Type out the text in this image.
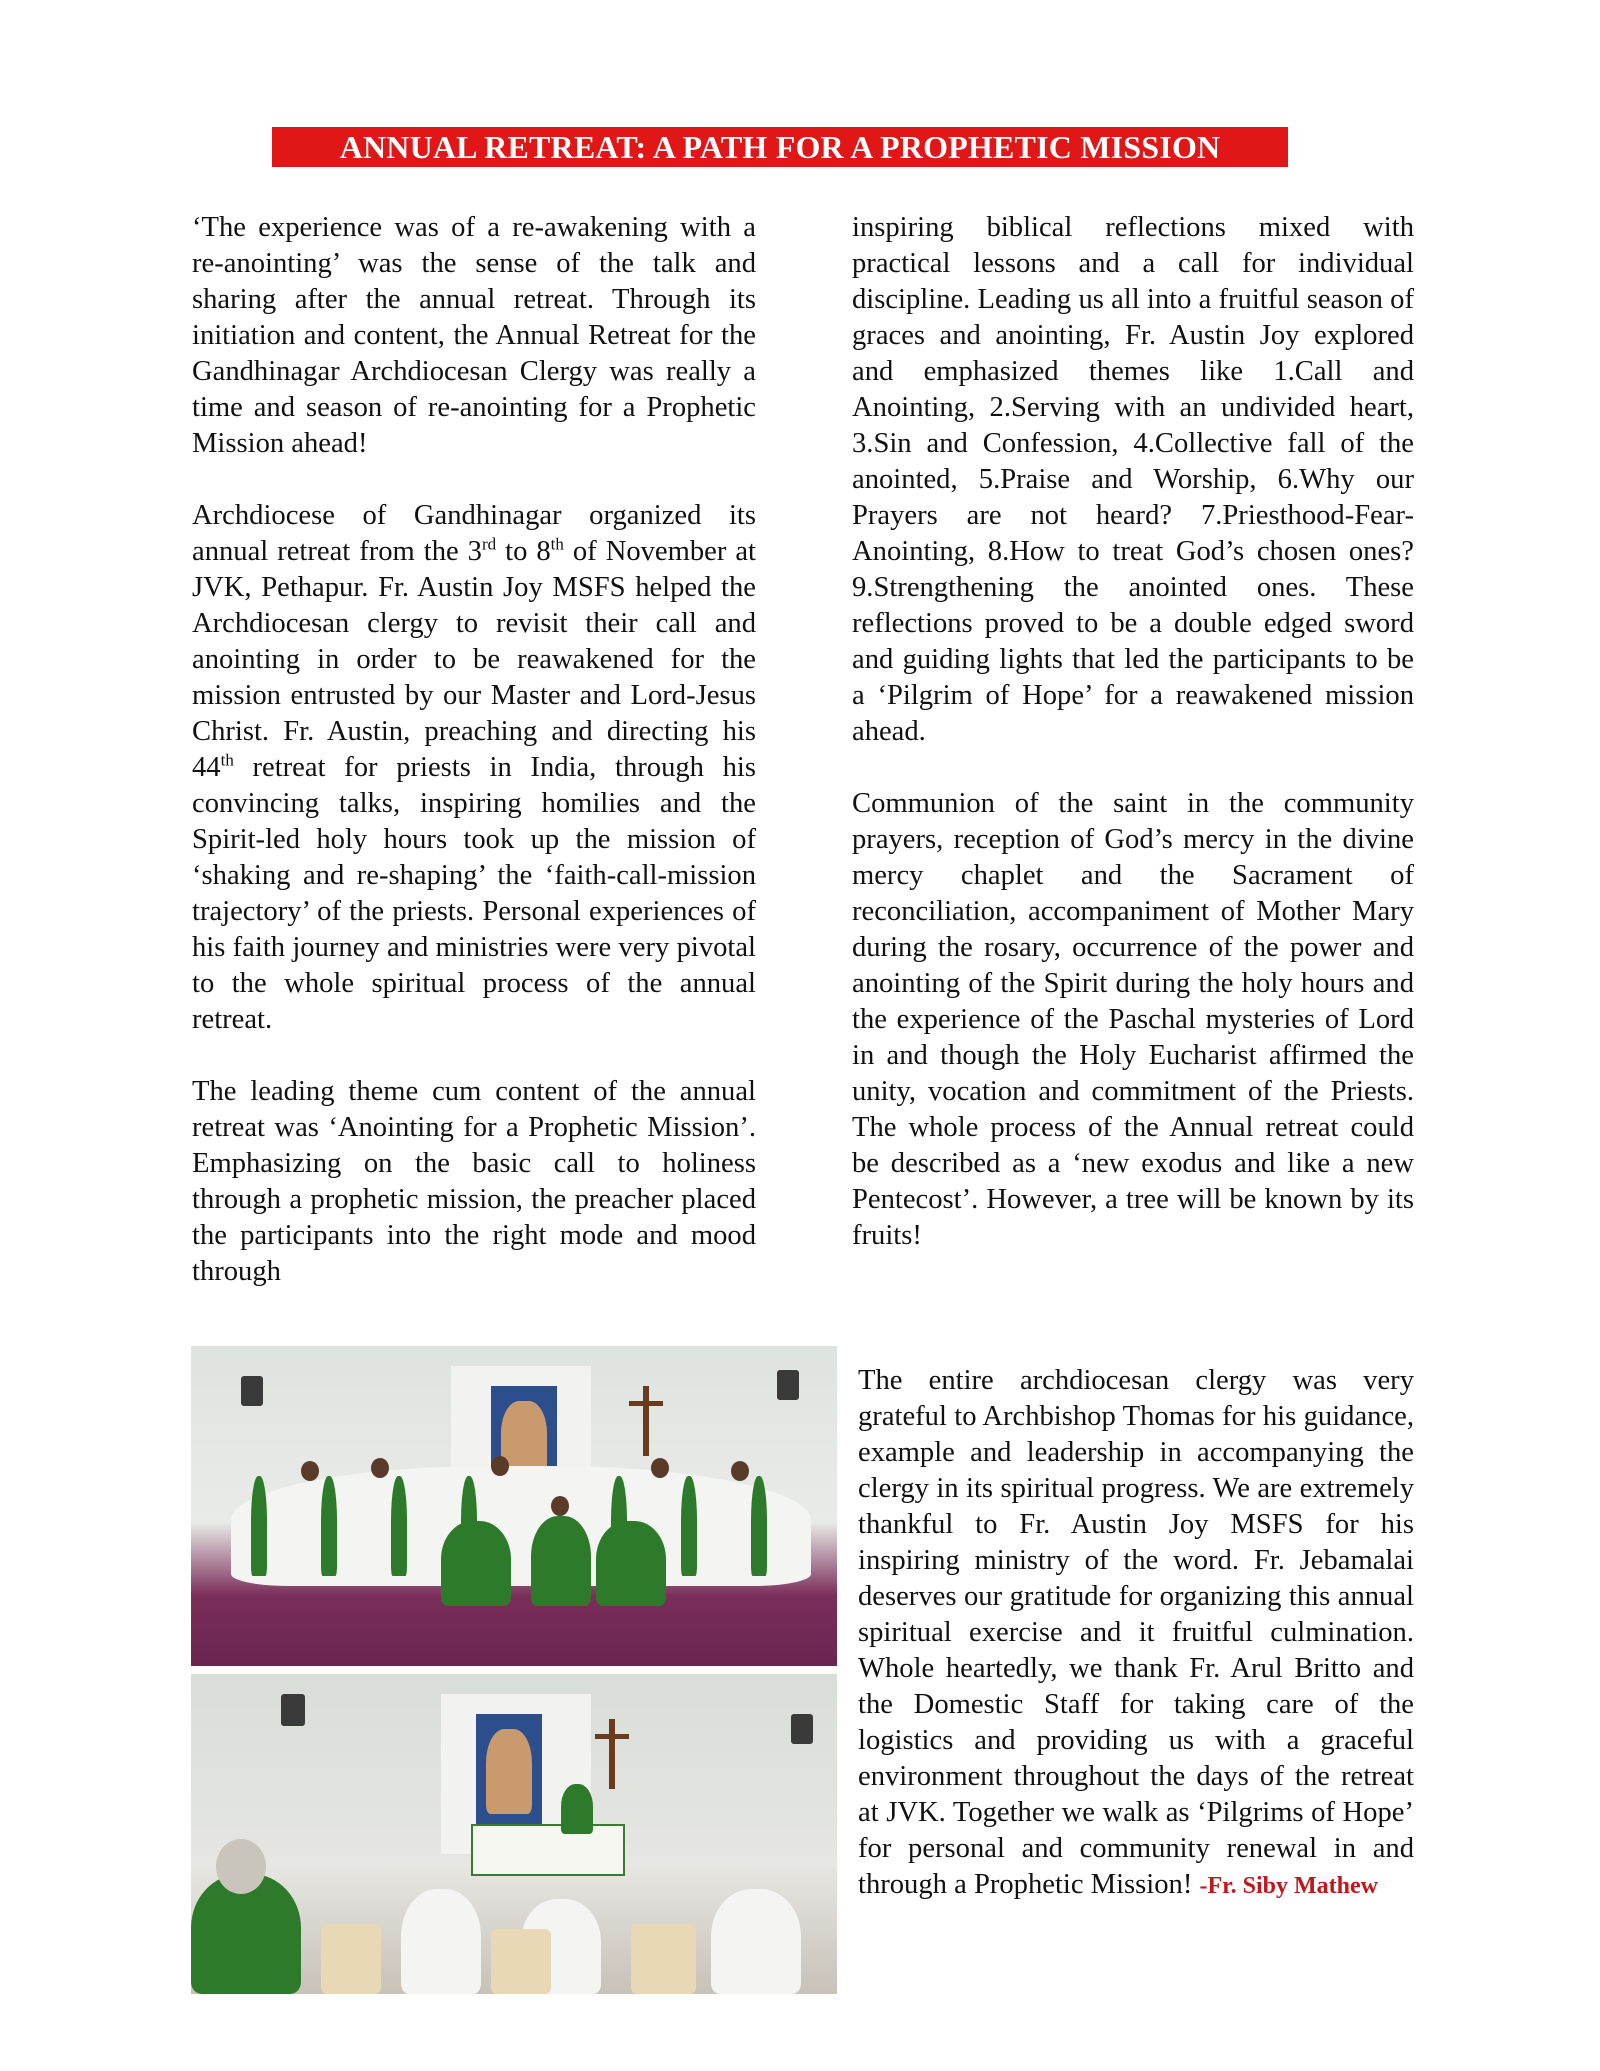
ANNUAL RETREAT: A PATH FOR A PROPHETIC MISSION

‘The experience was of a re-awakening with a re-anointing’ was the sense of the talk and sharing after the annual retreat. Through its initiation and content, the Annual Retreat for the Gandhinagar Archdiocesan Clergy was really a time and season of re-anointing for a Prophetic Mission ahead!

Archdiocese of Gandhinagar organized its annual retreat from the 3rd to 8th of November at JVK, Pethapur. Fr. Austin Joy MSFS helped the Archdiocesan clergy to revisit their call and anointing in order to be reawakened for the mission entrusted by our Master and Lord-Jesus Christ. Fr. Austin, preaching and directing his 44th retreat for priests in India, through his convincing talks, inspiring homilies and the Spirit-led holy hours took up the mission of ‘shaking and re-shaping’ the ‘faith-call-mission trajectory’ of the priests. Personal experiences of his faith journey and ministries were very pivotal to the whole spiritual process of the annual retreat.

The leading theme cum content of the annual retreat was ‘Anointing for a Prophetic Mission’. Emphasizing on the basic call to holiness through a prophetic mission, the preacher placed the participants into the right mode and mood through

inspiring biblical reflections mixed with practical lessons and a call for individual discipline. Leading us all into a fruitful season of graces and anointing, Fr. Austin Joy explored and emphasized themes like 1.Call and Anointing, 2.Serving with an undivided heart, 3.Sin and Confession, 4.Collective fall of the anointed, 5.Praise and Worship, 6.Why our Prayers are not heard? 7.Priesthood-Fear-Anointing, 8.How to treat God’s chosen ones? 9.Strengthening the anointed ones. These reflections proved to be a double edged sword and guiding lights that led the participants to be a ‘Pilgrim of Hope’ for a reawakened mission ahead.

Communion of the saint in the community prayers, reception of God’s mercy in the divine mercy chaplet and the Sacrament of reconciliation, accompaniment of Mother Mary during the rosary, occurrence of the power and anointing of the Spirit during the holy hours and the experience of the Paschal mysteries of Lord in and though the Holy Eucharist affirmed the unity, vocation and commitment of the Priests. The whole process of the Annual retreat could be described as a ‘new exodus and like a new Pentecost’. However, a tree will be known by its fruits!

The entire archdiocesan clergy was very grateful to Archbishop Thomas for his guidance, example and leadership in accompanying the clergy in its spiritual progress. We are extremely thankful to Fr. Austin Joy MSFS for his inspiring ministry of the word. Fr. Jebamalai deserves our gratitude for organizing this annual spiritual exercise and it fruitful culmination. Whole heartedly, we thank Fr. Arul Britto and the Domestic Staff for taking care of the logistics and providing us with a graceful environment throughout the days of the retreat at JVK. Together we walk as ‘Pilgrims of Hope’ for personal and community renewal in and through a Prophetic Mission! -Fr. Siby Mathew
